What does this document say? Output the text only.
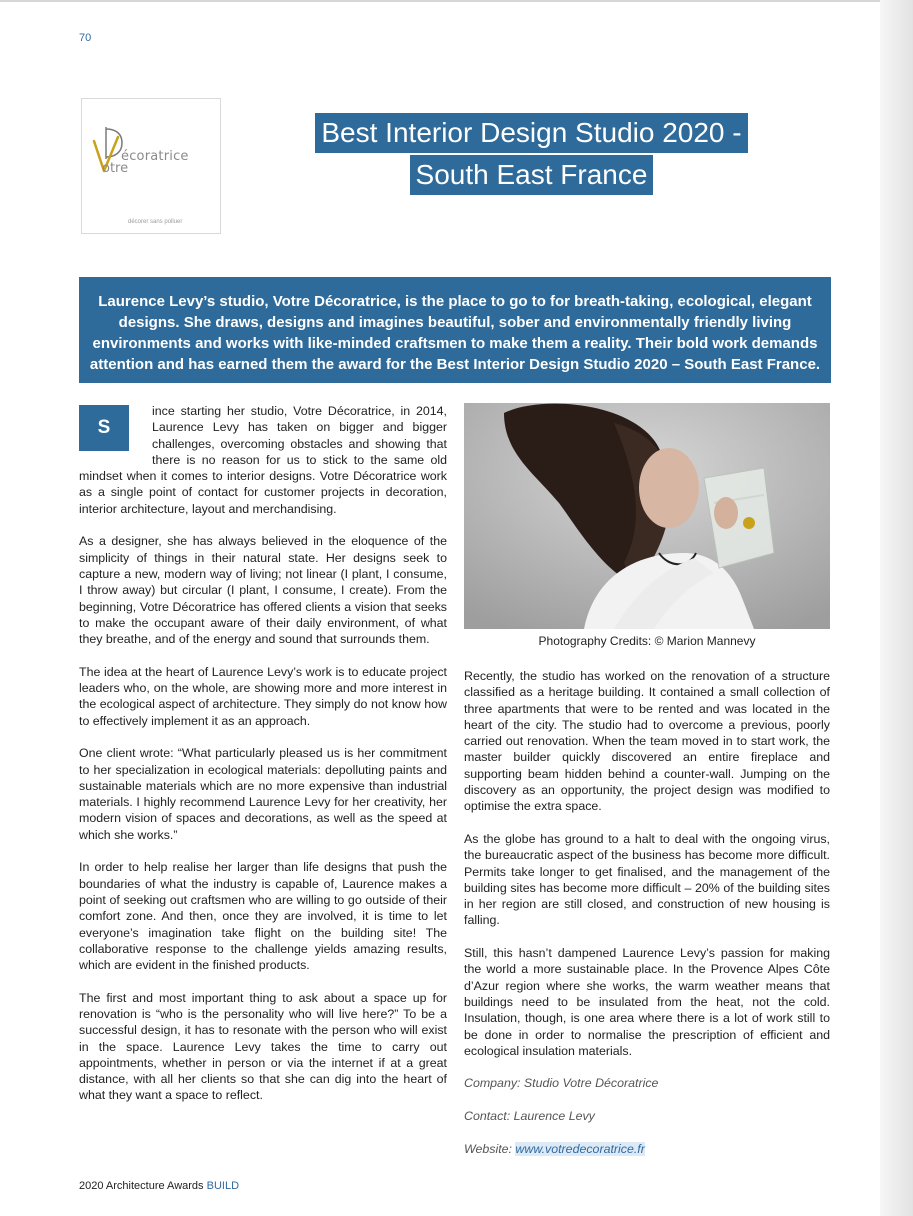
70
écoratrice
otre
décorer sans polluer
Best Interior Design Studio 2020 -
South East France
Laurence Levy’s studio, Votre Décoratrice, is the place to go to for breath-taking, ecological, elegant designs. She draws, designs and imagines beautiful, sober and environmentally friendly living environments and works with like-minded craftsmen to make them a reality. Their bold work demands attention and has earned them the award for the Best Interior Design Studio 2020 – South East France.

S
ince starting her studio, Votre Décoratrice, in 2014, Laurence Levy has taken on bigger and bigger challenges, overcoming obstacles and showing that there is no reason for us to stick to the same old mindset when it comes to interior designs. Votre Décoratrice work as a single point of contact for customer projects in decoration, interior architecture, layout and merchandising.

As a designer, she has always believed in the eloquence of the simplicity of things in their natural state. Her designs seek to capture a new, modern way of living; not linear (I plant, I consume, I throw away) but circular (I plant, I consume, I create). From the beginning, Votre Décoratrice has offered clients a vision that seeks to make the occupant aware of their daily environment, of what they breathe, and of the energy and sound that surrounds them.

The idea at the heart of Laurence Levy’s work is to educate project leaders who, on the whole, are showing more and more interest in the ecological aspect of architecture. They simply do not know how to effectively implement it as an approach.

One client wrote: “What particularly pleased us is her commitment to her specialization in ecological materials: depolluting paints and sustainable materials which are no more expensive than industrial materials. I highly recommend Laurence Levy for her creativity, her modern vision of spaces and decorations, as well as the speed at which she works.”

In order to help realise her larger than life designs that push the boundaries of what the industry is capable of, Laurence makes a point of seeking out craftsmen who are willing to go outside of their comfort zone. And then, once they are involved, it is time to let everyone’s imagination take flight on the building site! The collaborative response to the challenge yields amazing results, which are evident in the finished products.

The first and most important thing to ask about a space up for renovation is “who is the personality who will live here?” To be a successful design, it has to resonate with the person who will exist in the space. Laurence Levy takes the time to carry out appointments, whether in person or via the internet if at a great distance, with all her clients so that she can dig into the heart of what they want a space to reflect.

Photography Credits: © Marion Mannevy

Recently, the studio has worked on the renovation of a structure classified as a heritage building. It contained a small collection of three apartments that were to be rented and was located in the heart of the city. The studio had to overcome a previous, poorly carried out renovation. When the team moved in to start work, the master builder quickly discovered an entire fireplace and supporting beam hidden behind a counter-wall. Jumping on the discovery as an opportunity, the project design was modified to optimise the extra space.

As the globe has ground to a halt to deal with the ongoing virus, the bureaucratic aspect of the business has become more difficult. Permits take longer to get finalised, and the management of the building sites has become more difficult – 20% of the building sites in her region are still closed, and construction of new housing is falling.

Still, this hasn’t dampened Laurence Levy’s passion for making the world a more sustainable place. In the Provence Alpes Côte d’Azur region where she works, the warm weather means that buildings need to be insulated from the heat, not the cold. Insulation, though, is one area where there is a lot of work still to be done in order to normalise the prescription of efficient and ecological insulation materials.

Company: Studio Votre Décoratrice

Contact: Laurence Levy

Website: www.votredecoratrice.fr

2020 Architecture Awards BUILD
